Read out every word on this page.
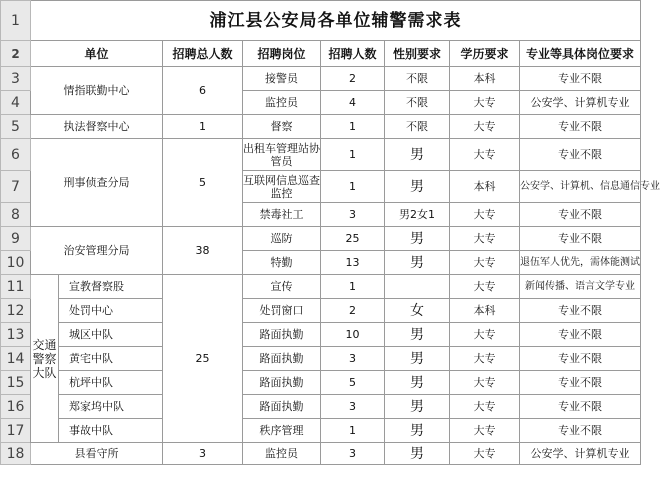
1	浦江县公安局各单位辅警需求表							
2	单位		招聘总人数	招聘岗位	招聘人数	性别要求	学历要求	专业等具体岗位要求
3	情指联勤中心		6	接警员	2	不限	本科	专业不限
4				监控员	4	不限	大专	公安学、计算机专业
5	执法督察中心		1	督察	1	不限	大专	专业不限
6	刑事侦查分局		5	出租车管理站协管员	1	男	大专	专业不限
7				互联网信息巡查监控	1	男	本科	公安学、计算机、信息通信专业
8				禁毒社工	3	男2女1	大专	专业不限
9	治安管理分局		38	巡防	25	男	大专	专业不限
10				特勤	13	男	大专	退伍军人优先，需体能测试
11	交通警察大队	宣教督察股	25	宣传	1		大专	新闻传播、语言文学专业
12		处罚中心		处罚窗口	2	女	本科	专业不限
13		城区中队		路面执勤	10	男	大专	专业不限
14		黄宅中队		路面执勤	3	男	大专	专业不限
15		杭坪中队		路面执勤	5	男	大专	专业不限
16		郑家坞中队		路面执勤	3	男	大专	专业不限
17		事故中队		秩序管理	1	男	大专	专业不限
18	县看守所		3	监控员	3	男	大专	公安学、计算机专业
